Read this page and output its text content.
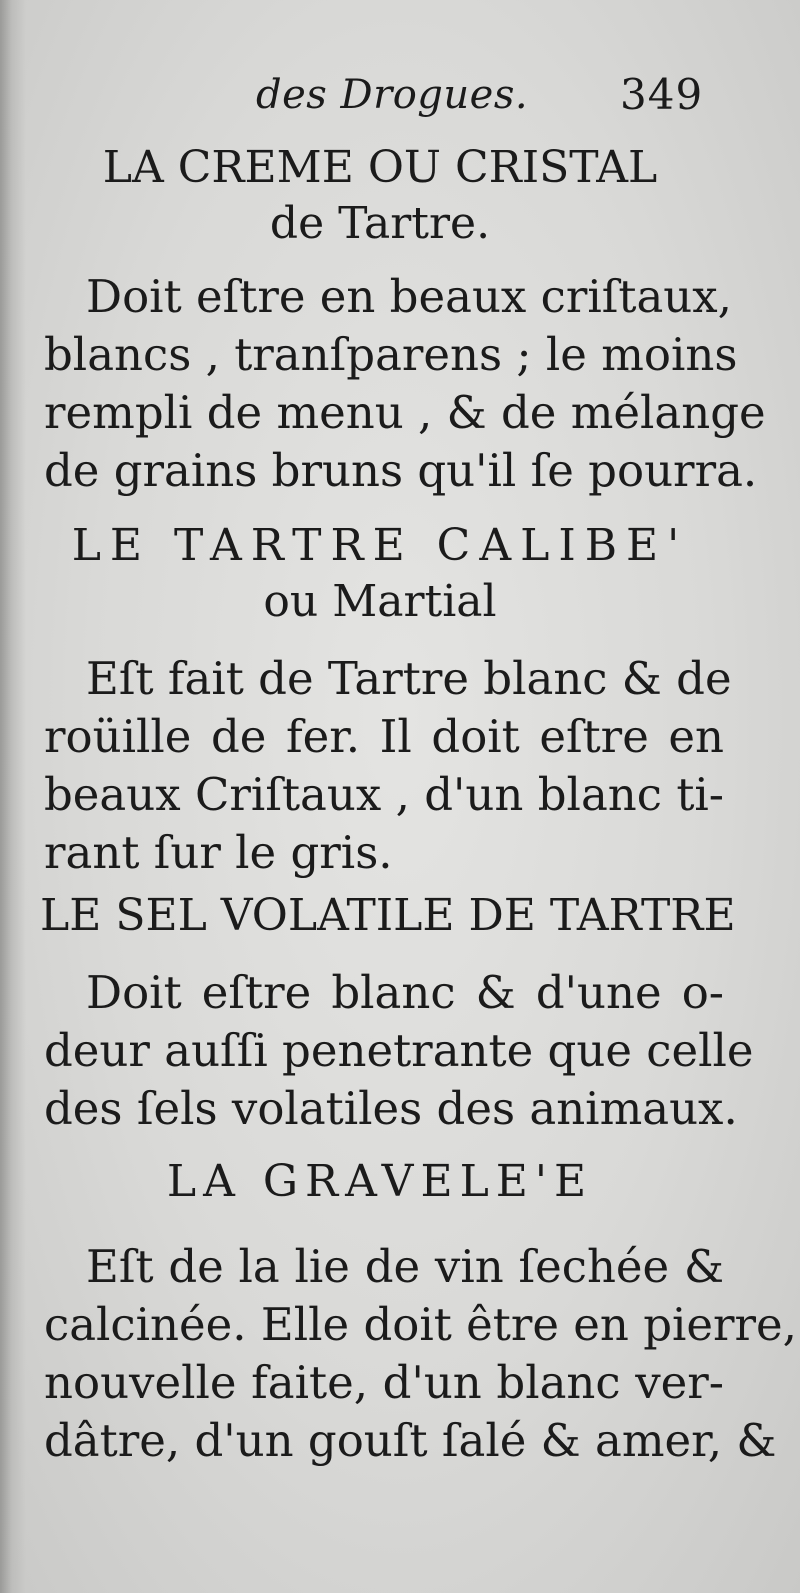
des Drogues. 349
LA CREME OU CRISTAL
de Tartre.
Doit eſtre en beaux criſtaux,
blancs , tranſparens ; le moins
rempli de menu , & de mélange
de grains bruns qu'il ſe pourra.
LE TARTRE CALIBE'
ou Martial
Eſt fait de Tartre blanc & de
roüille de fer. Il doit eſtre en
beaux Criſtaux , d'un blanc ti-
rant ſur le gris.
LE SEL VOLATILE DE TARTRE
Doit eſtre blanc & d'une o-
deur auſſi penetrante que celle
des ſels volatiles des animaux.
LA GRAVELE'E
Eſt de la lie de vin ſechée &
calcinée. Elle doit être en pierre,
nouvelle faite, d'un blanc ver-
dâtre, d'un gouſt ſalé & amer, &
